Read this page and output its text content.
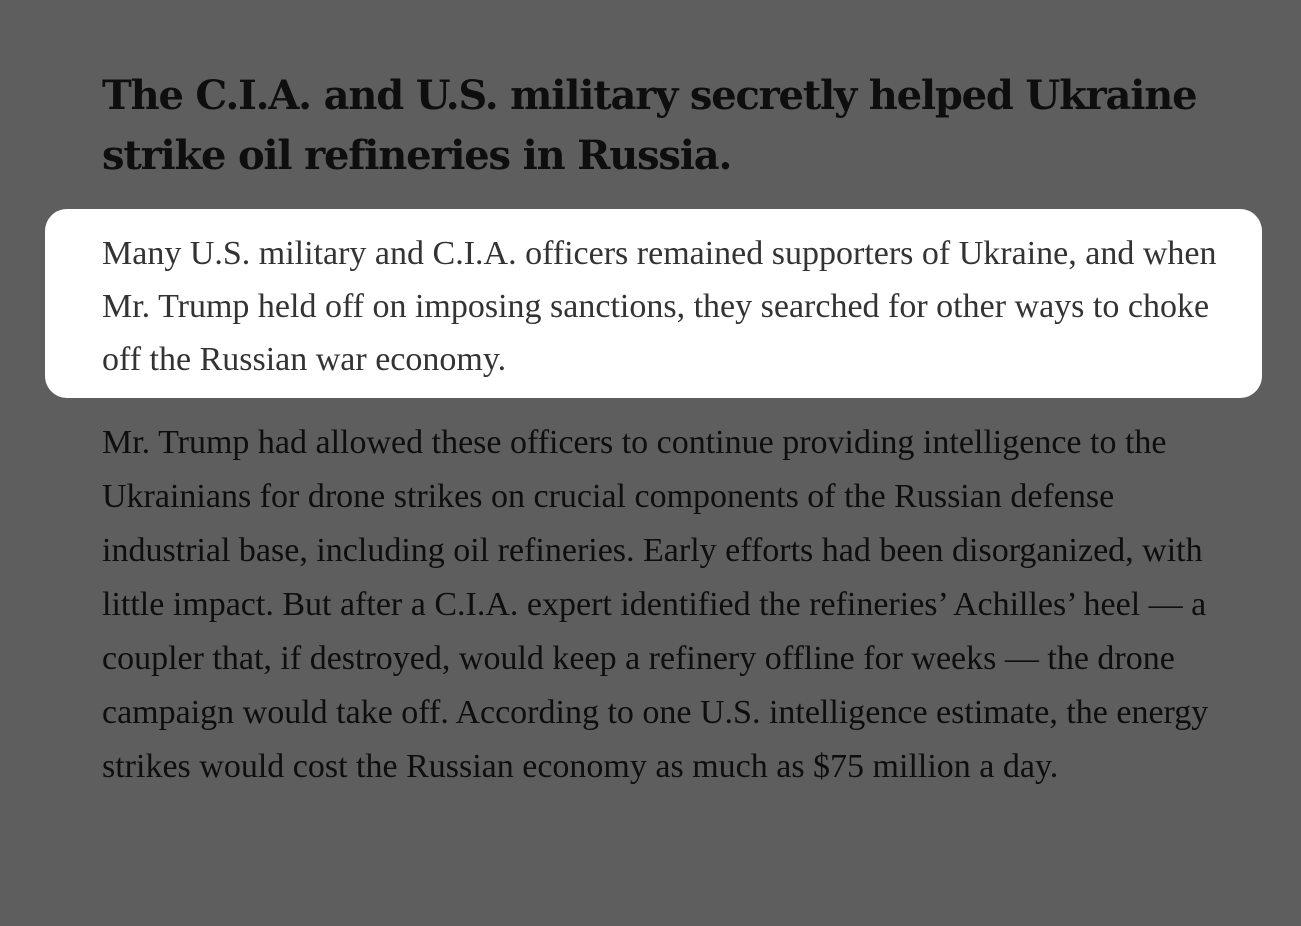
The C.I.A. and U.S. military secretly helped Ukraine strike oil refineries in Russia.

Many U.S. military and C.I.A. officers remained supporters of Ukraine, and when Mr. Trump held off on imposing sanctions, they searched for other ways to choke off the Russian war economy.

Mr. Trump had allowed these officers to continue providing intelligence to the Ukrainians for drone strikes on crucial components of the Russian defense industrial base, including oil refineries. Early efforts had been disorganized, with little impact. But after a C.I.A. expert identified the refineries’ Achilles’ heel — a coupler that, if destroyed, would keep a refinery offline for weeks — the drone campaign would take off. According to one U.S. intelligence estimate, the energy strikes would cost the Russian economy as much as $75 million a day.
